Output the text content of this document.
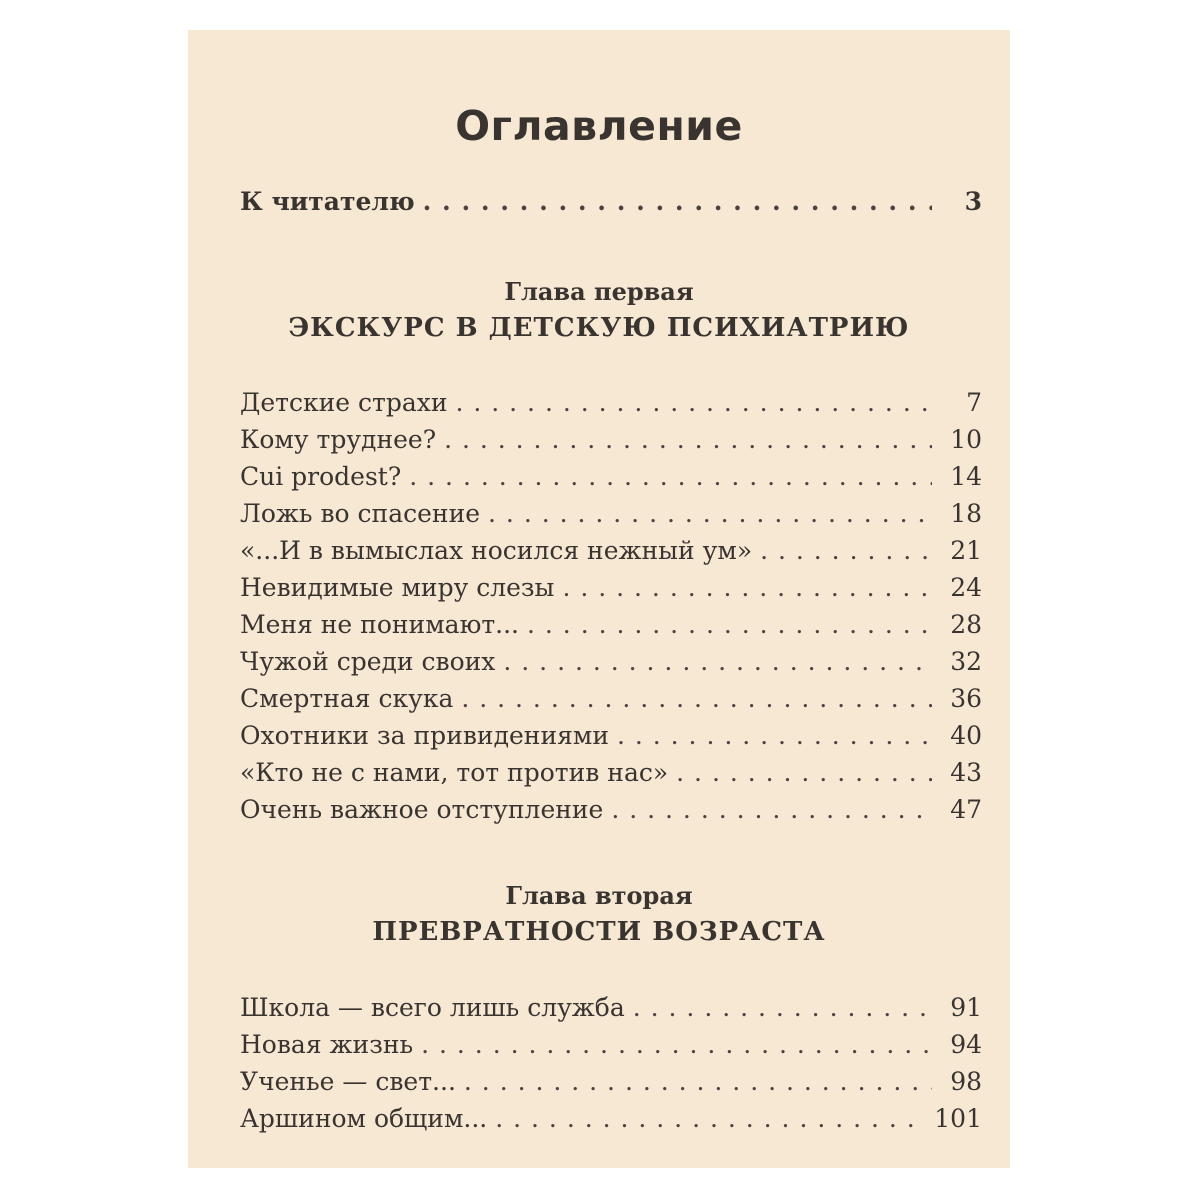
Оглавление
К читателю . . .	3
Глава первая
ЭКСКУРС В ДЕТСКУЮ ПСИХИАТРИЮ
Детские страхи . . .	7
Кому труднее? . . .	10
Cui prodest? . . .	14
Ложь во спасение . . .	18
«...И в вымыслах носился нежный ум» . . .	21
Невидимые миру слезы . . .	24
Меня не понимают... . . .	28
Чужой среди своих . . .	32
Смертная скука . . .	36
Охотники за привидениями . . .	40
«Кто не с нами, тот против нас» . . .	43
Очень важное отступление . . .	47
Глава вторая
ПРЕВРАТНОСТИ ВОЗРАСТА
Школа — всего лишь служба . . .	91
Новая жизнь . . .	94
Ученье — свет... . . .	98
Аршином общим... . . .	101
